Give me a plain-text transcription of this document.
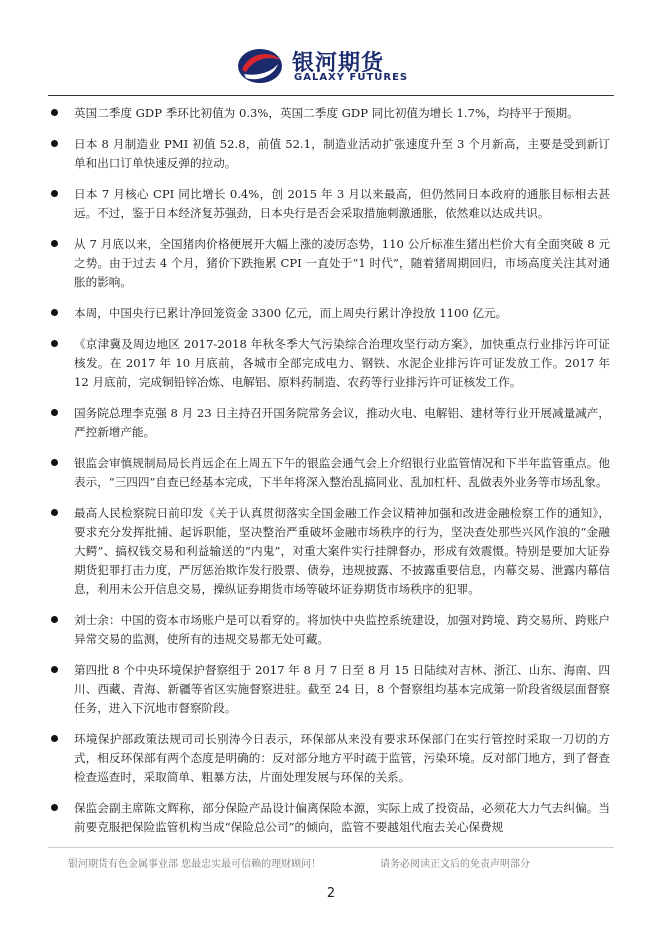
银河期货
GALAXY FUTURES
英国二季度 GDP 季环比初值为 0.3%，英国二季度 GDP 同比初值为增长 1.7%，均持平于预期。
日本 8 月制造业 PMI 初值 52.8，前值 52.1，制造业活动扩张速度升至 3 个月新高，主要是受到新订单和出口订单快速反弹的拉动。
日本 7 月核心 CPI 同比增长 0.4%，创 2015 年 3 月以来最高，但仍然同日本政府的通胀目标相去甚远。不过，鉴于日本经济复苏强劲，日本央行是否会采取措施刺激通胀，依然难以达成共识。
从 7 月底以来，全国猪肉价格便展开大幅上涨的凌厉态势，110 公斤标准生猪出栏价大有全面突破 8 元之势。由于过去 4 个月，猪价下跌拖累 CPI 一直处于“1 时代”，随着猪周期回归，市场高度关注其对通胀的影响。
本周，中国央行已累计净回笼资金 3300 亿元，而上周央行累计净投放 1100 亿元。
《京津冀及周边地区 2017-2018 年秋冬季大气污染综合治理攻坚行动方案》，加快重点行业排污许可证核发。在 2017 年 10 月底前，各城市全部完成电力、钢铁、水泥企业排污许可证发放工作。2017 年 12 月底前，完成铜铅锌冶炼、电解铝、原料药制造、农药等行业排污许可证核发工作。
国务院总理李克强 8 月 23 日主持召开国务院常务会议，推动火电、电解铝、建材等行业开展减量减产，严控新增产能。
银监会审慎规制局局长肖远企在上周五下午的银监会通气会上介绍银行业监管情况和下半年监管重点。他表示，“三四四”自查已经基本完成，下半年将深入整治乱搞同业、乱加杠杆、乱做表外业务等市场乱象。
最高人民检察院日前印发《关于认真贯彻落实全国金融工作会议精神加强和改进金融检察工作的通知》，要求充分发挥批捕、起诉职能，坚决整治严重破坏金融市场秩序的行为，坚决查处那些兴风作浪的“金融大鳄”、搞权钱交易和利益输送的“内鬼”，对重大案件实行挂牌督办，形成有效震慑。特别是要加大证券期货犯罪打击力度，严厉惩治欺诈发行股票、债券，违规披露、不披露重要信息，内幕交易、泄露内幕信息，利用未公开信息交易，操纵证券期货市场等破坏证券期货市场秩序的犯罪。
刘士余：中国的资本市场账户是可以看穿的。将加快中央监控系统建设，加强对跨境、跨交易所、跨账户异常交易的监测，使所有的违规交易都无处可藏。
第四批 8 个中央环境保护督察组于 2017 年 8 月 7 日至 8 月 15 日陆续对吉林、浙江、山东、海南、四川、西藏、青海、新疆等省区实施督察进驻。截至 24 日，8 个督察组均基本完成第一阶段省级层面督察任务，进入下沉地市督察阶段。
环境保护部政策法规司司长别涛今日表示，环保部从来没有要求环保部门在实行管控时采取一刀切的方式，相反环保部有两个态度是明确的：反对部分地方平时疏于监管，污染环境。反对部门地方，到了督查检查巡查时，采取简单、粗暴方法，片面处理发展与环保的关系。
保监会副主席陈文辉称，部分保险产品设计偏离保险本源，实际上成了投资品，必须花大力气去纠偏。当前要克服把保险监管机构当成“保险总公司”的倾向，监管不要越俎代庖去关心保费规
银河期货有色金属事业部 您最忠实最可信赖的理财顾问！	请务必阅读正文后的免责声明部分
2
